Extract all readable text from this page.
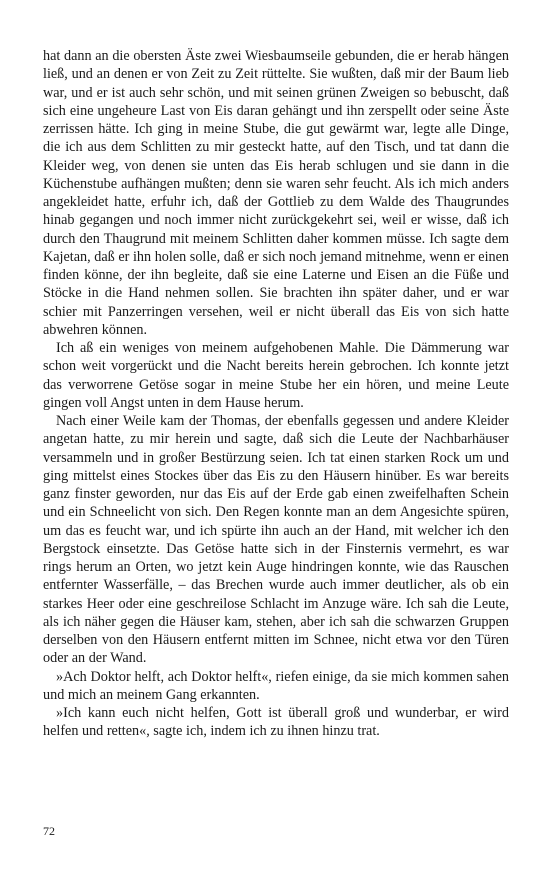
hat dann an die obersten Äste zwei Wiesbaumseile gebunden, die er herab hängen ließ, und an denen er von Zeit zu Zeit rüttelte. Sie wußten, daß mir der Baum lieb war, und er ist auch sehr schön, und mit seinen grünen Zweigen so bebuscht, daß sich eine ungeheure Last von Eis daran gehängt und ihn zerspellt oder seine Äste zerrissen hätte. Ich ging in meine Stube, die gut gewärmt war, legte alle Dinge, die ich aus dem Schlitten zu mir gesteckt hatte, auf den Tisch, und tat dann die Kleider weg, von denen sie unten das Eis herab schlugen und sie dann in die Küchenstube aufhängen mußten; denn sie waren sehr feucht. Als ich mich anders angekleidet hatte, erfuhr ich, daß der Gottlieb zu dem Walde des Thaugrundes hinab gegangen und noch immer nicht zurückgekehrt sei, weil er wisse, daß ich durch den Thaugrund mit meinem Schlitten daher kommen müsse. Ich sagte dem Kajetan, daß er ihn holen solle, daß er sich noch jemand mitnehme, wenn er einen finden könne, der ihn begleite, daß sie eine Laterne und Eisen an die Füße und Stöcke in die Hand nehmen sollen. Sie brachten ihn später daher, und er war schier mit Panzerringen versehen, weil er nicht überall das Eis von sich hatte abwehren können.

Ich aß ein weniges von meinem aufgehobenen Mahle. Die Dämmerung war schon weit vorgerückt und die Nacht bereits herein gebrochen. Ich konnte jetzt das verworrene Getöse sogar in meine Stube her ein hören, und meine Leute gingen voll Angst unten in dem Hause herum.

Nach einer Weile kam der Thomas, der ebenfalls gegessen und andere Kleider angetan hatte, zu mir herein und sagte, daß sich die Leute der Nachbarhäuser versammeln und in großer Bestürzung seien. Ich tat einen starken Rock um und ging mittelst eines Stockes über das Eis zu den Häusern hinüber. Es war bereits ganz finster geworden, nur das Eis auf der Erde gab einen zweifelhaften Schein und ein Schneelicht von sich. Den Regen konnte man an dem Angesichte spüren, um das es feucht war, und ich spürte ihn auch an der Hand, mit welcher ich den Bergstock einsetzte. Das Getöse hatte sich in der Finsternis vermehrt, es war rings herum an Orten, wo jetzt kein Auge hindringen konnte, wie das Rauschen entfernter Wasserfälle, – das Brechen wurde auch immer deutlicher, als ob ein starkes Heer oder eine geschreilose Schlacht im Anzuge wäre. Ich sah die Leute, als ich näher gegen die Häuser kam, stehen, aber ich sah die schwarzen Gruppen derselben von den Häusern entfernt mitten im Schnee, nicht etwa vor den Türen oder an der Wand.

»Ach Doktor helft, ach Doktor helft«, riefen einige, da sie mich kommen sahen und mich an meinem Gang erkannten.

»Ich kann euch nicht helfen, Gott ist überall groß und wunderbar, er wird helfen und retten«, sagte ich, indem ich zu ihnen hinzu trat.

72
